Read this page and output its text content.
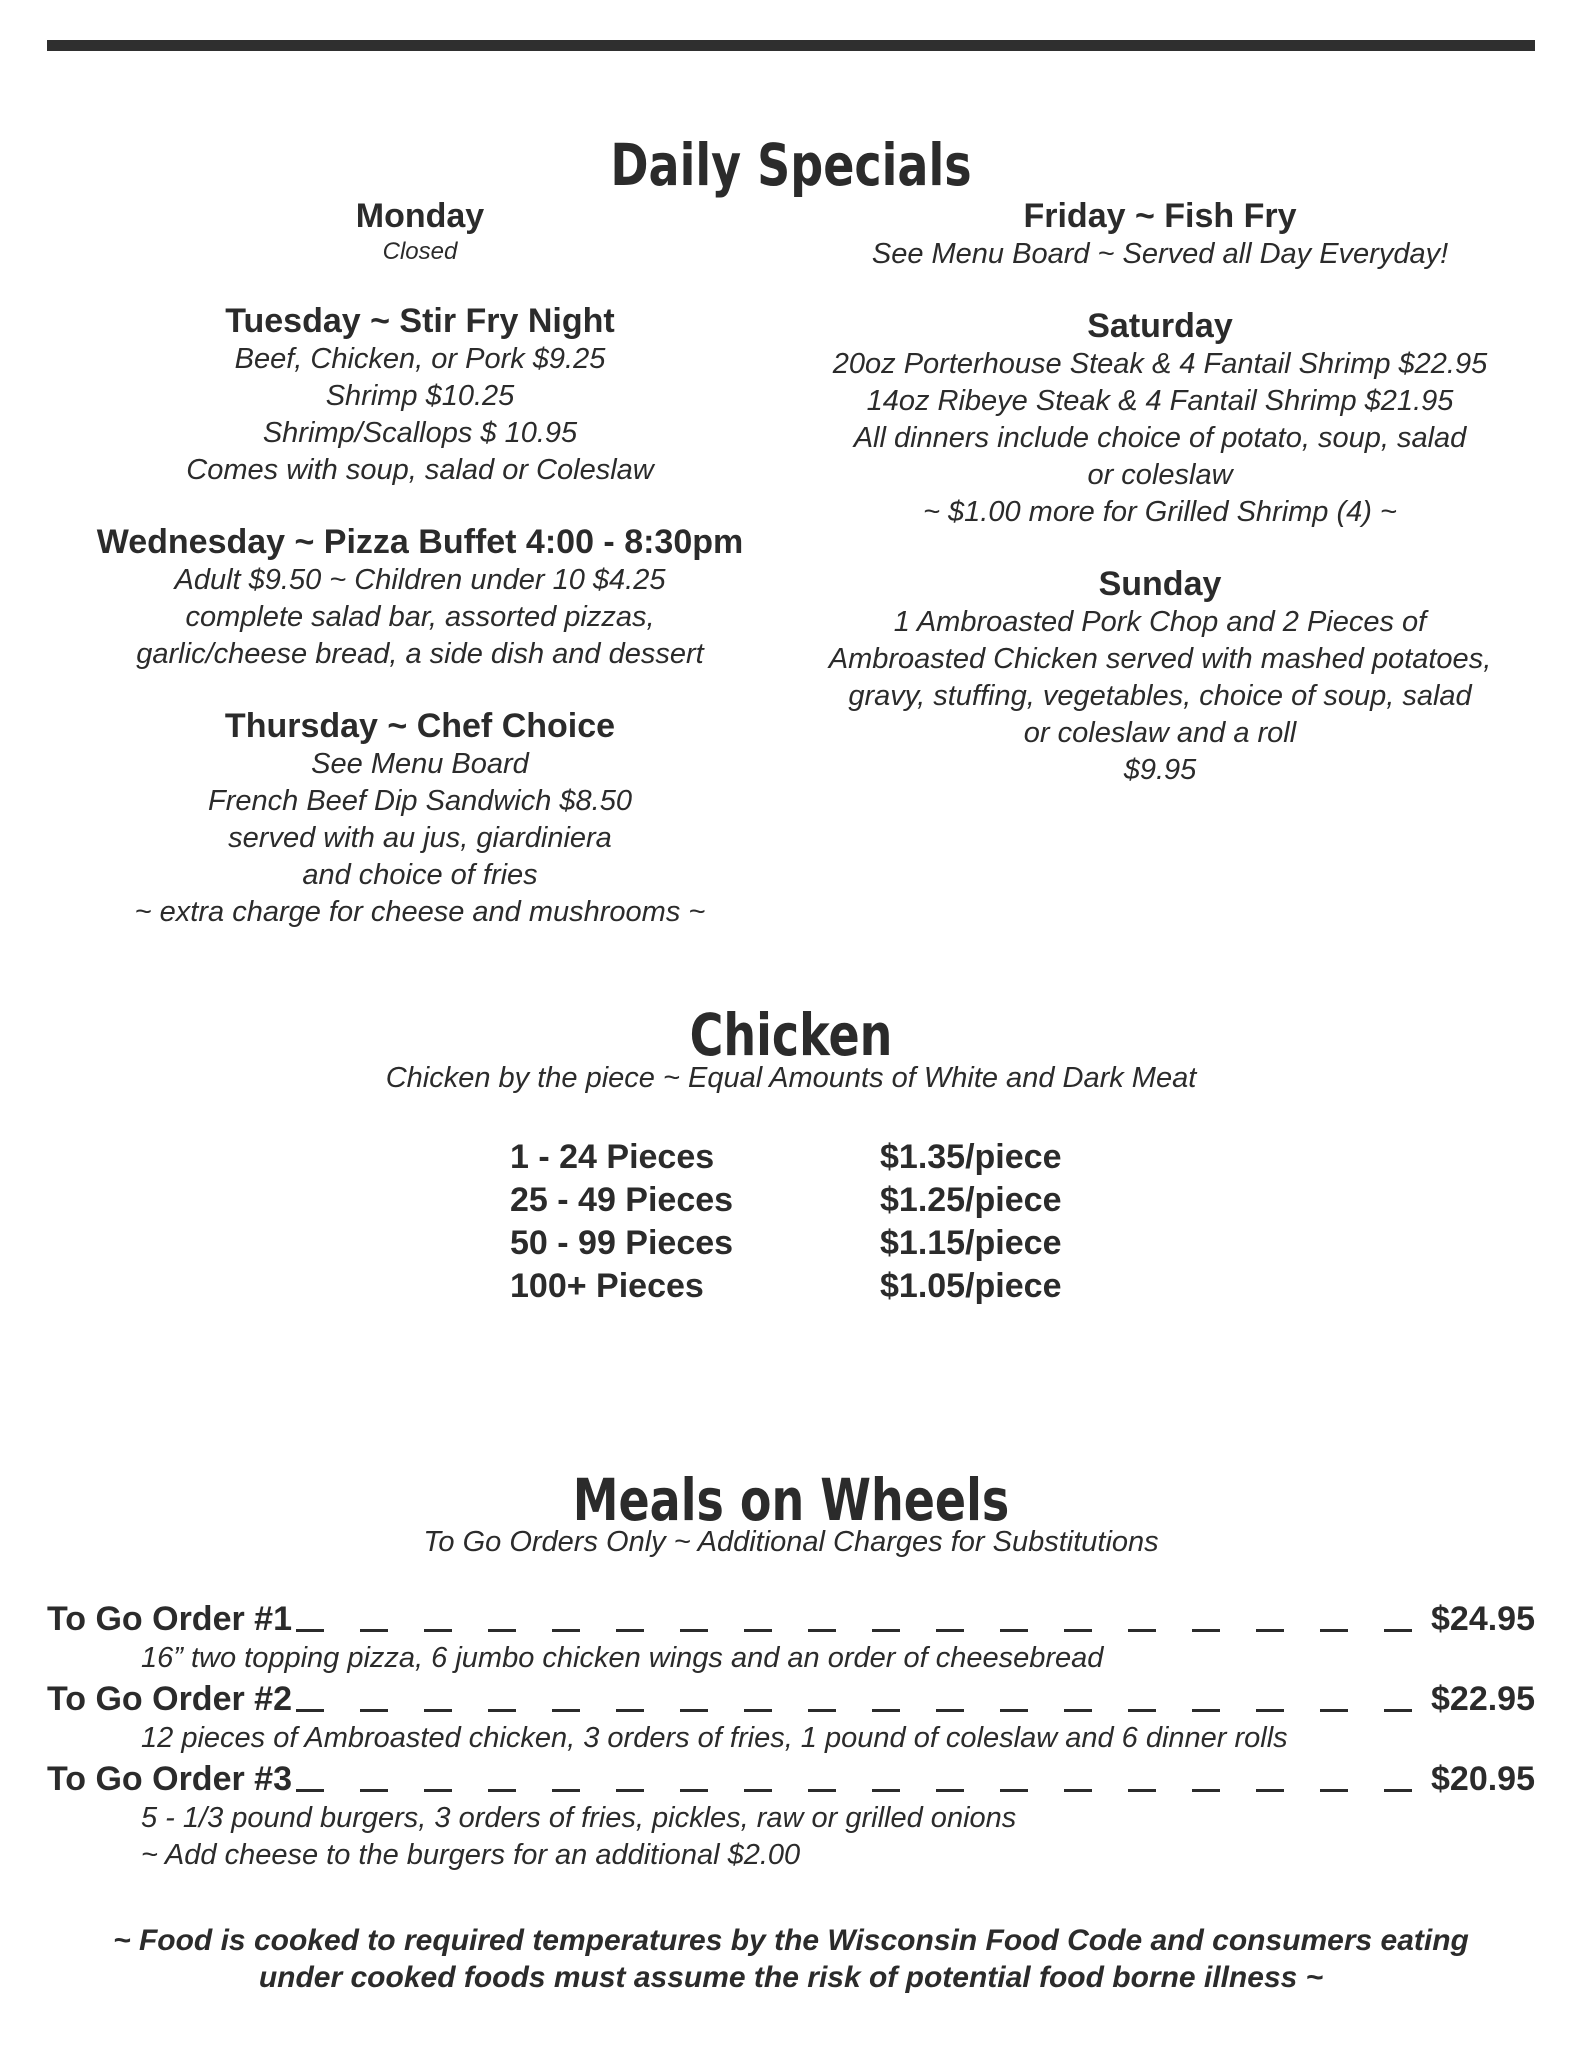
Daily Specials
Monday
Closed
Tuesday ~ Stir Fry Night
Beef, Chicken, or Pork $9.25
Shrimp $10.25
Shrimp/Scallops $ 10.95
Comes with soup, salad or Coleslaw
Wednesday ~ Pizza Buffet 4:00 - 8:30pm
Adult $9.50 ~ Children under 10 $4.25
complete salad bar, assorted pizzas,
garlic/cheese bread, a side dish and dessert
Thursday ~ Chef Choice
See Menu Board
French Beef Dip Sandwich $8.50
served with au jus, giardiniera
and choice of fries
~ extra charge for cheese and mushrooms ~
Friday ~ Fish Fry
See Menu Board ~ Served all Day Everyday!
Saturday
20oz Porterhouse Steak & 4 Fantail Shrimp $22.95
14oz Ribeye Steak & 4 Fantail Shrimp $21.95
All dinners include choice of potato, soup, salad
or coleslaw
~ $1.00 more for Grilled Shrimp (4) ~
Sunday
1 Ambroasted Pork Chop and 2 Pieces of
Ambroasted Chicken served with mashed potatoes,
gravy, stuffing, vegetables, choice of soup, salad
or coleslaw and a roll
$9.95
Chicken
Chicken by the piece ~ Equal Amounts of White and Dark Meat
1 - 24 Pieces	$1.35/piece
25 - 49 Pieces	$1.25/piece
50 - 99 Pieces	$1.15/piece
100+ Pieces	$1.05/piece
Meals on Wheels
To Go Orders Only ~ Additional Charges for Substitutions
To Go Order #1	$24.95
16” two topping pizza, 6 jumbo chicken wings and an order of cheesebread
To Go Order #2	$22.95
12 pieces of Ambroasted chicken, 3 orders of fries, 1 pound of coleslaw and 6 dinner rolls
To Go Order #3	$20.95
5 - 1/3 pound burgers, 3 orders of fries, pickles, raw or grilled onions
~ Add cheese to the burgers for an additional $2.00
~ Food is cooked to required temperatures by the Wisconsin Food Code and consumers eating
under cooked foods must assume the risk of potential food borne illness ~
